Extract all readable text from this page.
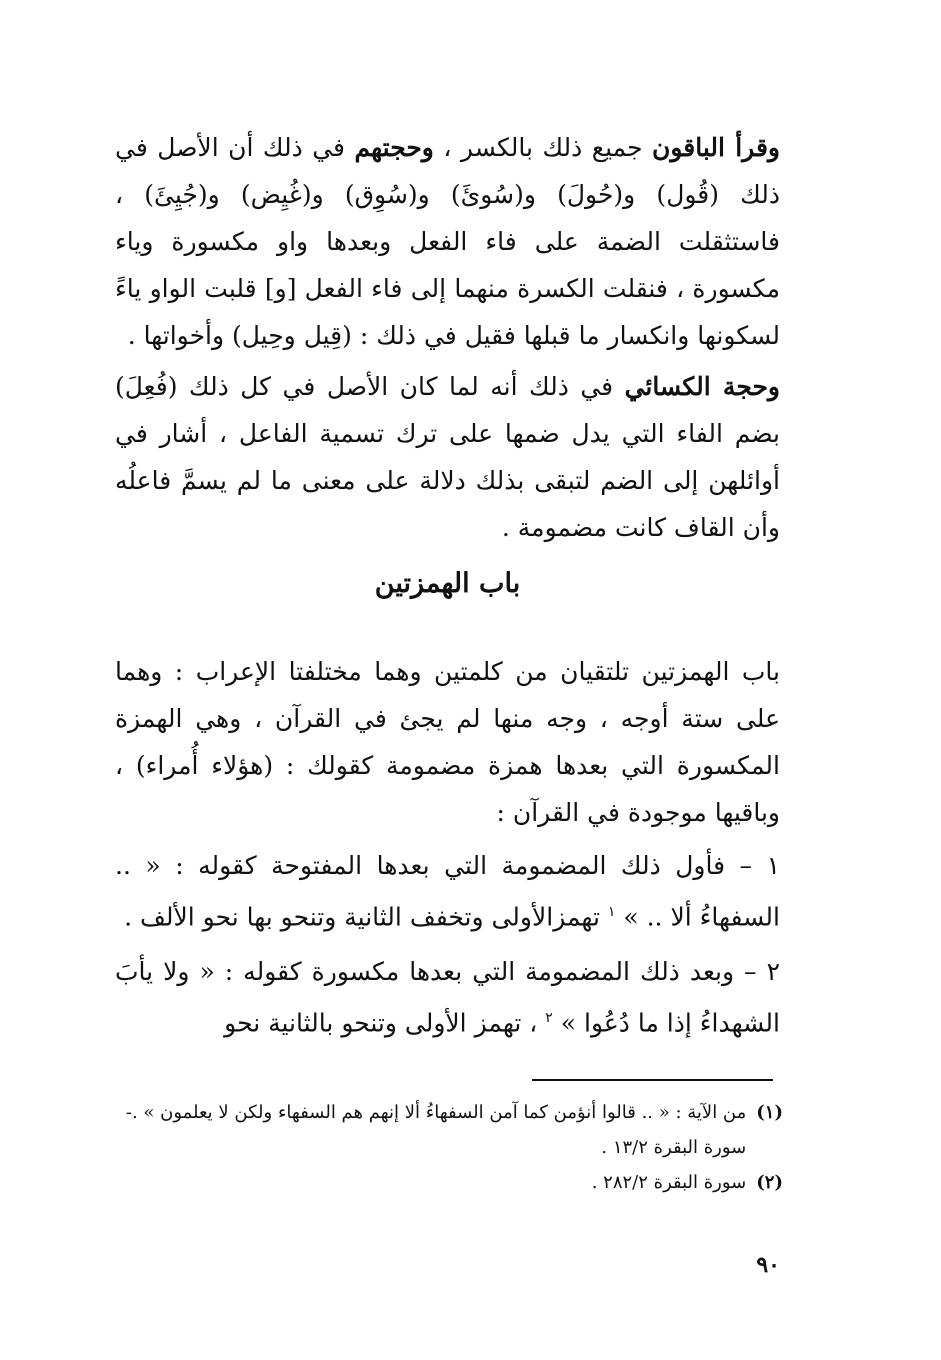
وقرأ الباقون جميع ذلك بالكسر ، وحجتهم في ذلك أن الأصل في ذلك (قُول) و(حُولَ) و(سُوئَ) و(سُوِق) و(غُيِض) و(جُيِئَ) ، فاستثقلت الضمة على فاء الفعل وبعدها واو مكسورة وياء مكسورة ، فنقلت الكسرة منهما إلى فاء الفعل [و] قلبت الواو ياءً لسكونها وانكسار ما قبلها فقيل في ذلك : (قِيل وحِيل) وأخواتها .
وحجة الكسائي في ذلك أنه لما كان الأصل في كل ذلك (فُعِلَ) بضم الفاء التي يدل ضمها على ترك تسمية الفاعل ، أشار في أوائلهن إلى الضم لتبقى بذلك دلالة على معنى ما لم يسمَّ فاعلُه وأن القاف كانت مضمومة .
باب الهمزتين
باب الهمزتين تلتقيان من كلمتين وهما مختلفتا الإعراب : وهما على ستة أوجه ، وجه منها لم يجئ في القرآن ، وهي الهمزة المكسورة التي بعدها همزة مضمومة كقولك : (هؤلاء أُمراء) ، وباقيها موجودة في القرآن :
١ – فأول ذلك المضمومة التي بعدها المفتوحة كقوله : « .. السفهاءُ ألا .. » $^١$ تهمزالأولى وتخفف الثانية وتنحو بها نحو الألف .
٢ – وبعد ذلك المضمومة التي بعدها مكسورة كقوله : « ولا يأبَ الشهداءُ إذا ما دُعُوا » $^٢$ ، تهمز الأولى وتنحو بالثانية نحو
(١)
من الآية : « .. قالوا أنؤمن كما آمن السفهاءُ ألا إنهم هم السفهاء ولكن لا يعلمون » .- سورة البقرة ١٣/٢ .
(٢)
سورة البقرة ٢٨٢/٢ .
٩٠
